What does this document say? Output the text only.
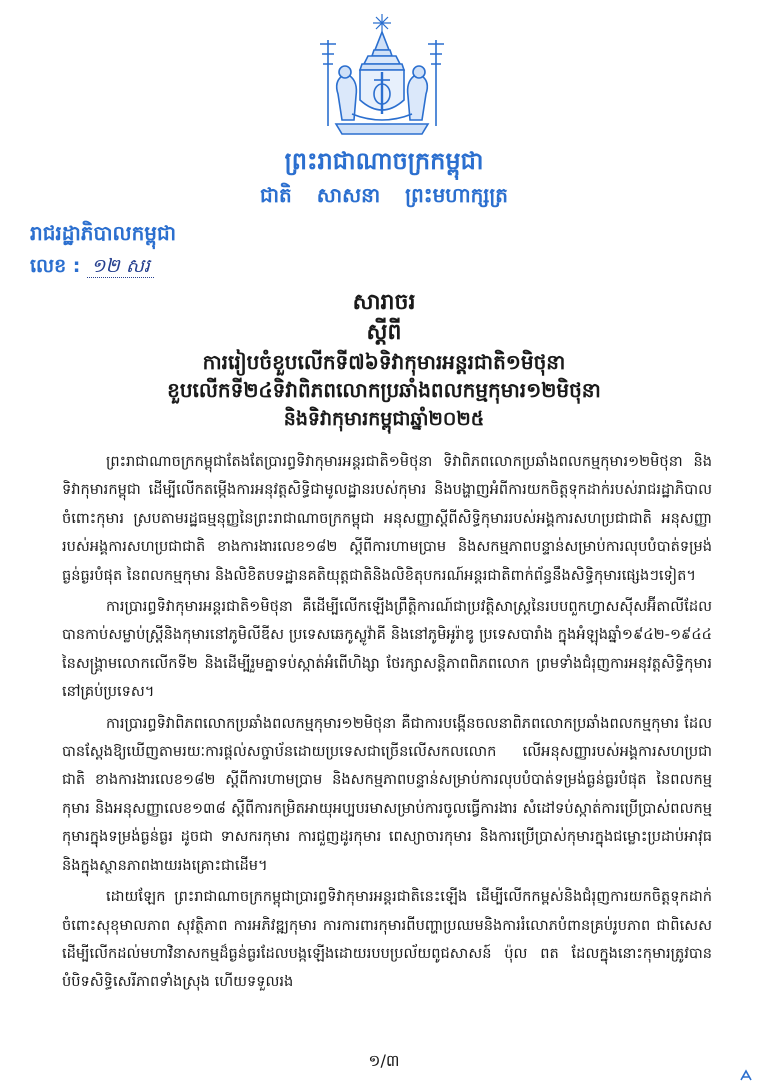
ព្រះរាជាណាចក្រកម្ពុជា
ជាតិ សាសនា ព្រះមហាក្សត្រ
រាជរដ្ឋាភិបាលកម្ពុជា
លេខ : ១២ សរ
សារាចរ
ស្តីពី
ការរៀបចំខួបលើកទី៧៦ទិវាកុមារអន្តរជាតិ១មិថុនា
ខួបលើកទី២៤ទិវាពិភពលោកប្រឆាំងពលកម្មកុមារ១២មិថុនា
និងទិវាកុមារកម្ពុជាឆ្នាំ២០២៥

ព្រះរាជាណាចក្រកម្ពុជាតែងតែប្រារព្ធទិវាកុមារអន្តរជាតិ១មិថុនា ទិវាពិភពលោកប្រឆាំងពលកម្មកុមារ១២មិថុនា និងទិវាកុមារកម្ពុជា ដើម្បីលើកតម្កើងការអនុវត្តសិទ្ធិជាមូលដ្ឋានរបស់កុមារ និងបង្ហាញអំពីការយកចិត្តទុកដាក់របស់រាជរដ្ឋាភិបាលចំពោះកុមារ ស្របតាមរដ្ឋធម្មនុញ្ញនៃព្រះរាជាណាចក្រកម្ពុជា អនុសញ្ញាស្តីពីសិទ្ធិកុមាររបស់អង្គការសហប្រជាជាតិ អនុសញ្ញារបស់អង្គការសហប្រជាជាតិ ខាងការងារលេខ១៨២ ស្តីពីការហាមប្រាម និងសកម្មភាពបន្ទាន់សម្រាប់ការលុបបំបាត់ទម្រង់ធ្ងន់ធ្ងរបំផុត នៃពលកម្មកុមារ និងលិខិតបទដ្ឋានគតិយុត្តជាតិនិងលិខិតុបករណ៍អន្តរជាតិពាក់ព័ន្ធនឹងសិទ្ធិកុមារផ្សេងៗទៀត។

ការប្រារព្ធទិវាកុមារអន្តរជាតិ១មិថុនា គឺដើម្បីលើកឡើងព្រឹត្តិការណ៍ជាប្រវត្តិសាស្ត្រនៃរបបពួកហ្វាសស៊ីសអ៊ីតាលីដែលបានកាប់សម្លាប់ស្ត្រីនិងកុមារនៅភូមិលីឌីស ប្រទេសឆេកូស្លូវ៉ាគី និងនៅភូមិអូរ៉ាឌូ ប្រទេសបារាំង ក្នុងអំឡុងឆ្នាំ១៩៤២-១៩៤៤ នៃសង្គ្រាមលោកលើកទី២ និងដើម្បីរួមគ្នាទប់ស្កាត់អំពើហិង្សា ថែរក្សាសន្តិភាពពិភពលោក ព្រមទាំងជំរុញការអនុវត្តសិទ្ធិកុមារនៅគ្រប់ប្រទេស។

ការប្រារព្ធទិវាពិភពលោកប្រឆាំងពលកម្មកុមារ១២មិថុនា គឺជាការបង្កើនចលនាពិភពលោកប្រឆាំងពលកម្មកុមារ ដែលបានស្តែងឱ្យឃើញតាមរយៈការផ្តល់សច្ចាប័នដោយប្រទេសជាច្រើនលើសកលលោក លើអនុសញ្ញារបស់អង្គការសហប្រជាជាតិ ខាងការងារលេខ១៨២ ស្តីពីការហាមប្រាម និងសកម្មភាពបន្ទាន់សម្រាប់ការលុបបំបាត់ទម្រង់ធ្ងន់ធ្ងរបំផុត នៃពលកម្មកុមារ និងអនុសញ្ញាលេខ១៣៨ ស្តីពីការកម្រិតអាយុអប្បបរមាសម្រាប់ការចូលធ្វើការងារ សំដៅទប់ស្កាត់ការប្រើប្រាស់ពលកម្មកុមារក្នុងទម្រង់ធ្ងន់ធ្ងរ ដូចជា ទាសករកុមារ ការជួញដូរកុមារ ពេស្យាចារកុមារ និងការប្រើប្រាស់កុមារក្នុងជម្លោះប្រដាប់អាវុធ និងក្នុងស្ថានភាពងាយរងគ្រោះជាដើម។

ដោយឡែក ព្រះរាជាណាចក្រកម្ពុជាប្រារព្ធទិវាកុមារអន្តរជាតិនេះឡើង ដើម្បីលើកកម្ពស់និងជំរុញការយកចិត្តទុកដាក់ចំពោះសុខុមាលភាព សុវត្ថិភាព ការអភិវឌ្ឍកុមារ ការការពារកុមារពីបញ្ហាប្រឈមនិងការរំលោភបំពានគ្រប់រូបភាព ជាពិសេសដើម្បីលើកដល់មហាវិនាសកម្មដ៏ធ្ងន់ធ្ងរដែលបង្កឡើងដោយរបបប្រល័យពូជសាសន៍ ប៉ុល ពត ដែលក្នុងនោះកុមារត្រូវបានបំបិទសិទ្ធិសេរីភាពទាំងស្រុង ហើយទទួលរង

១/៣
